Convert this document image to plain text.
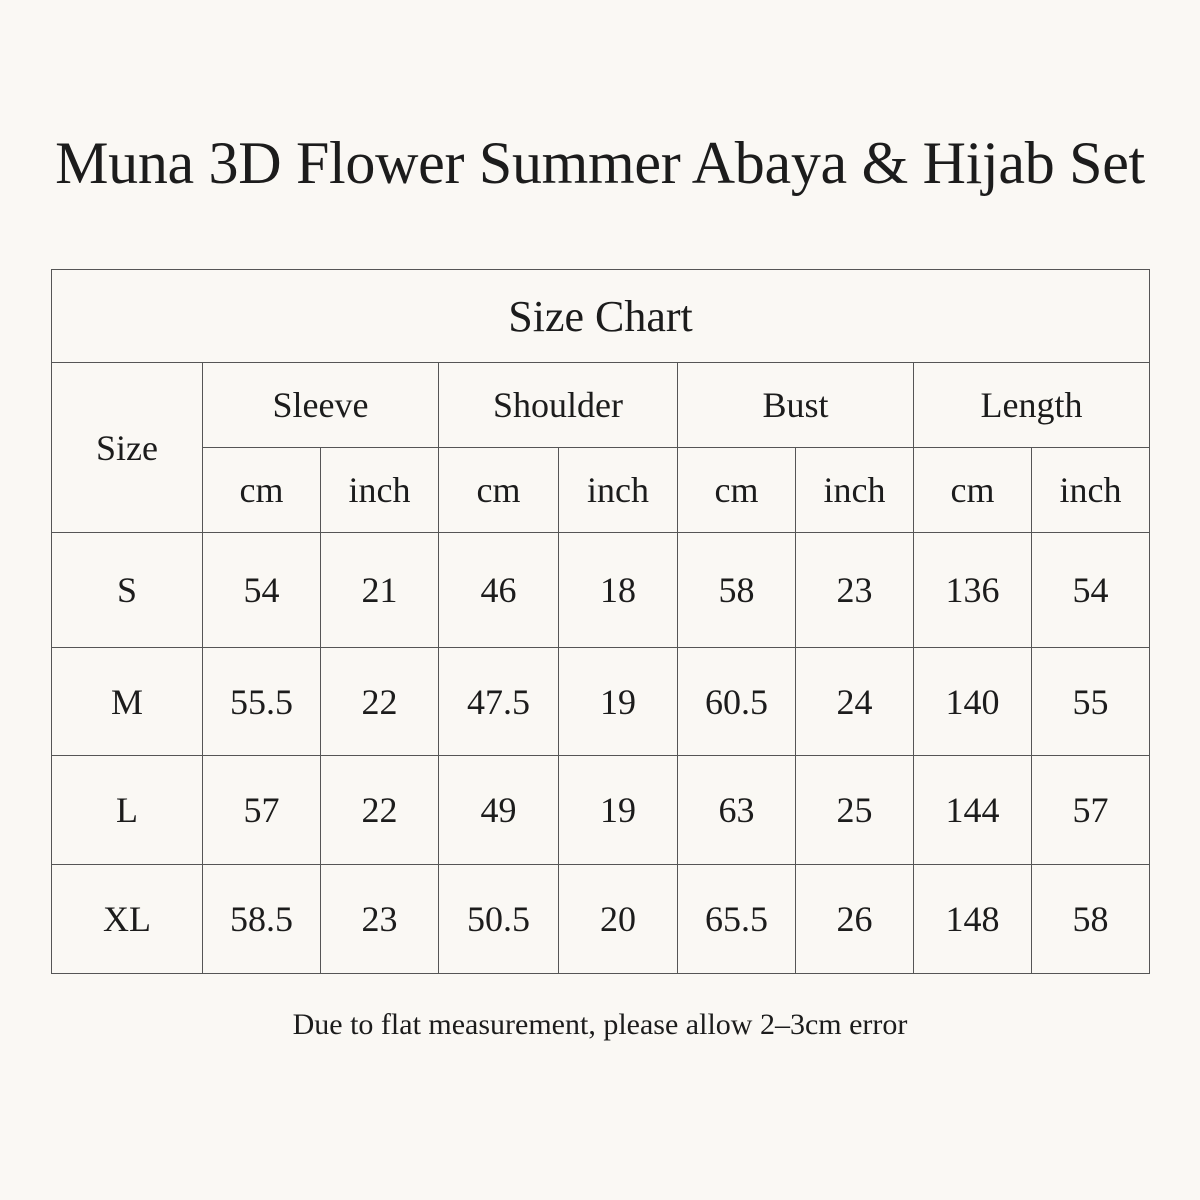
Muna 3D Flower Summer Abaya & Hijab Set
Size Chart								
Size	Sleeve		Shoulder		Bust		Length	
	cm	inch	cm	inch	cm	inch	cm	inch
S	54	21	46	18	58	23	136	54
M	55.5	22	47.5	19	60.5	24	140	55
L	57	22	49	19	63	25	144	57
XL	58.5	23	50.5	20	65.5	26	148	58
Due to flat measurement, please allow 2–3cm error
